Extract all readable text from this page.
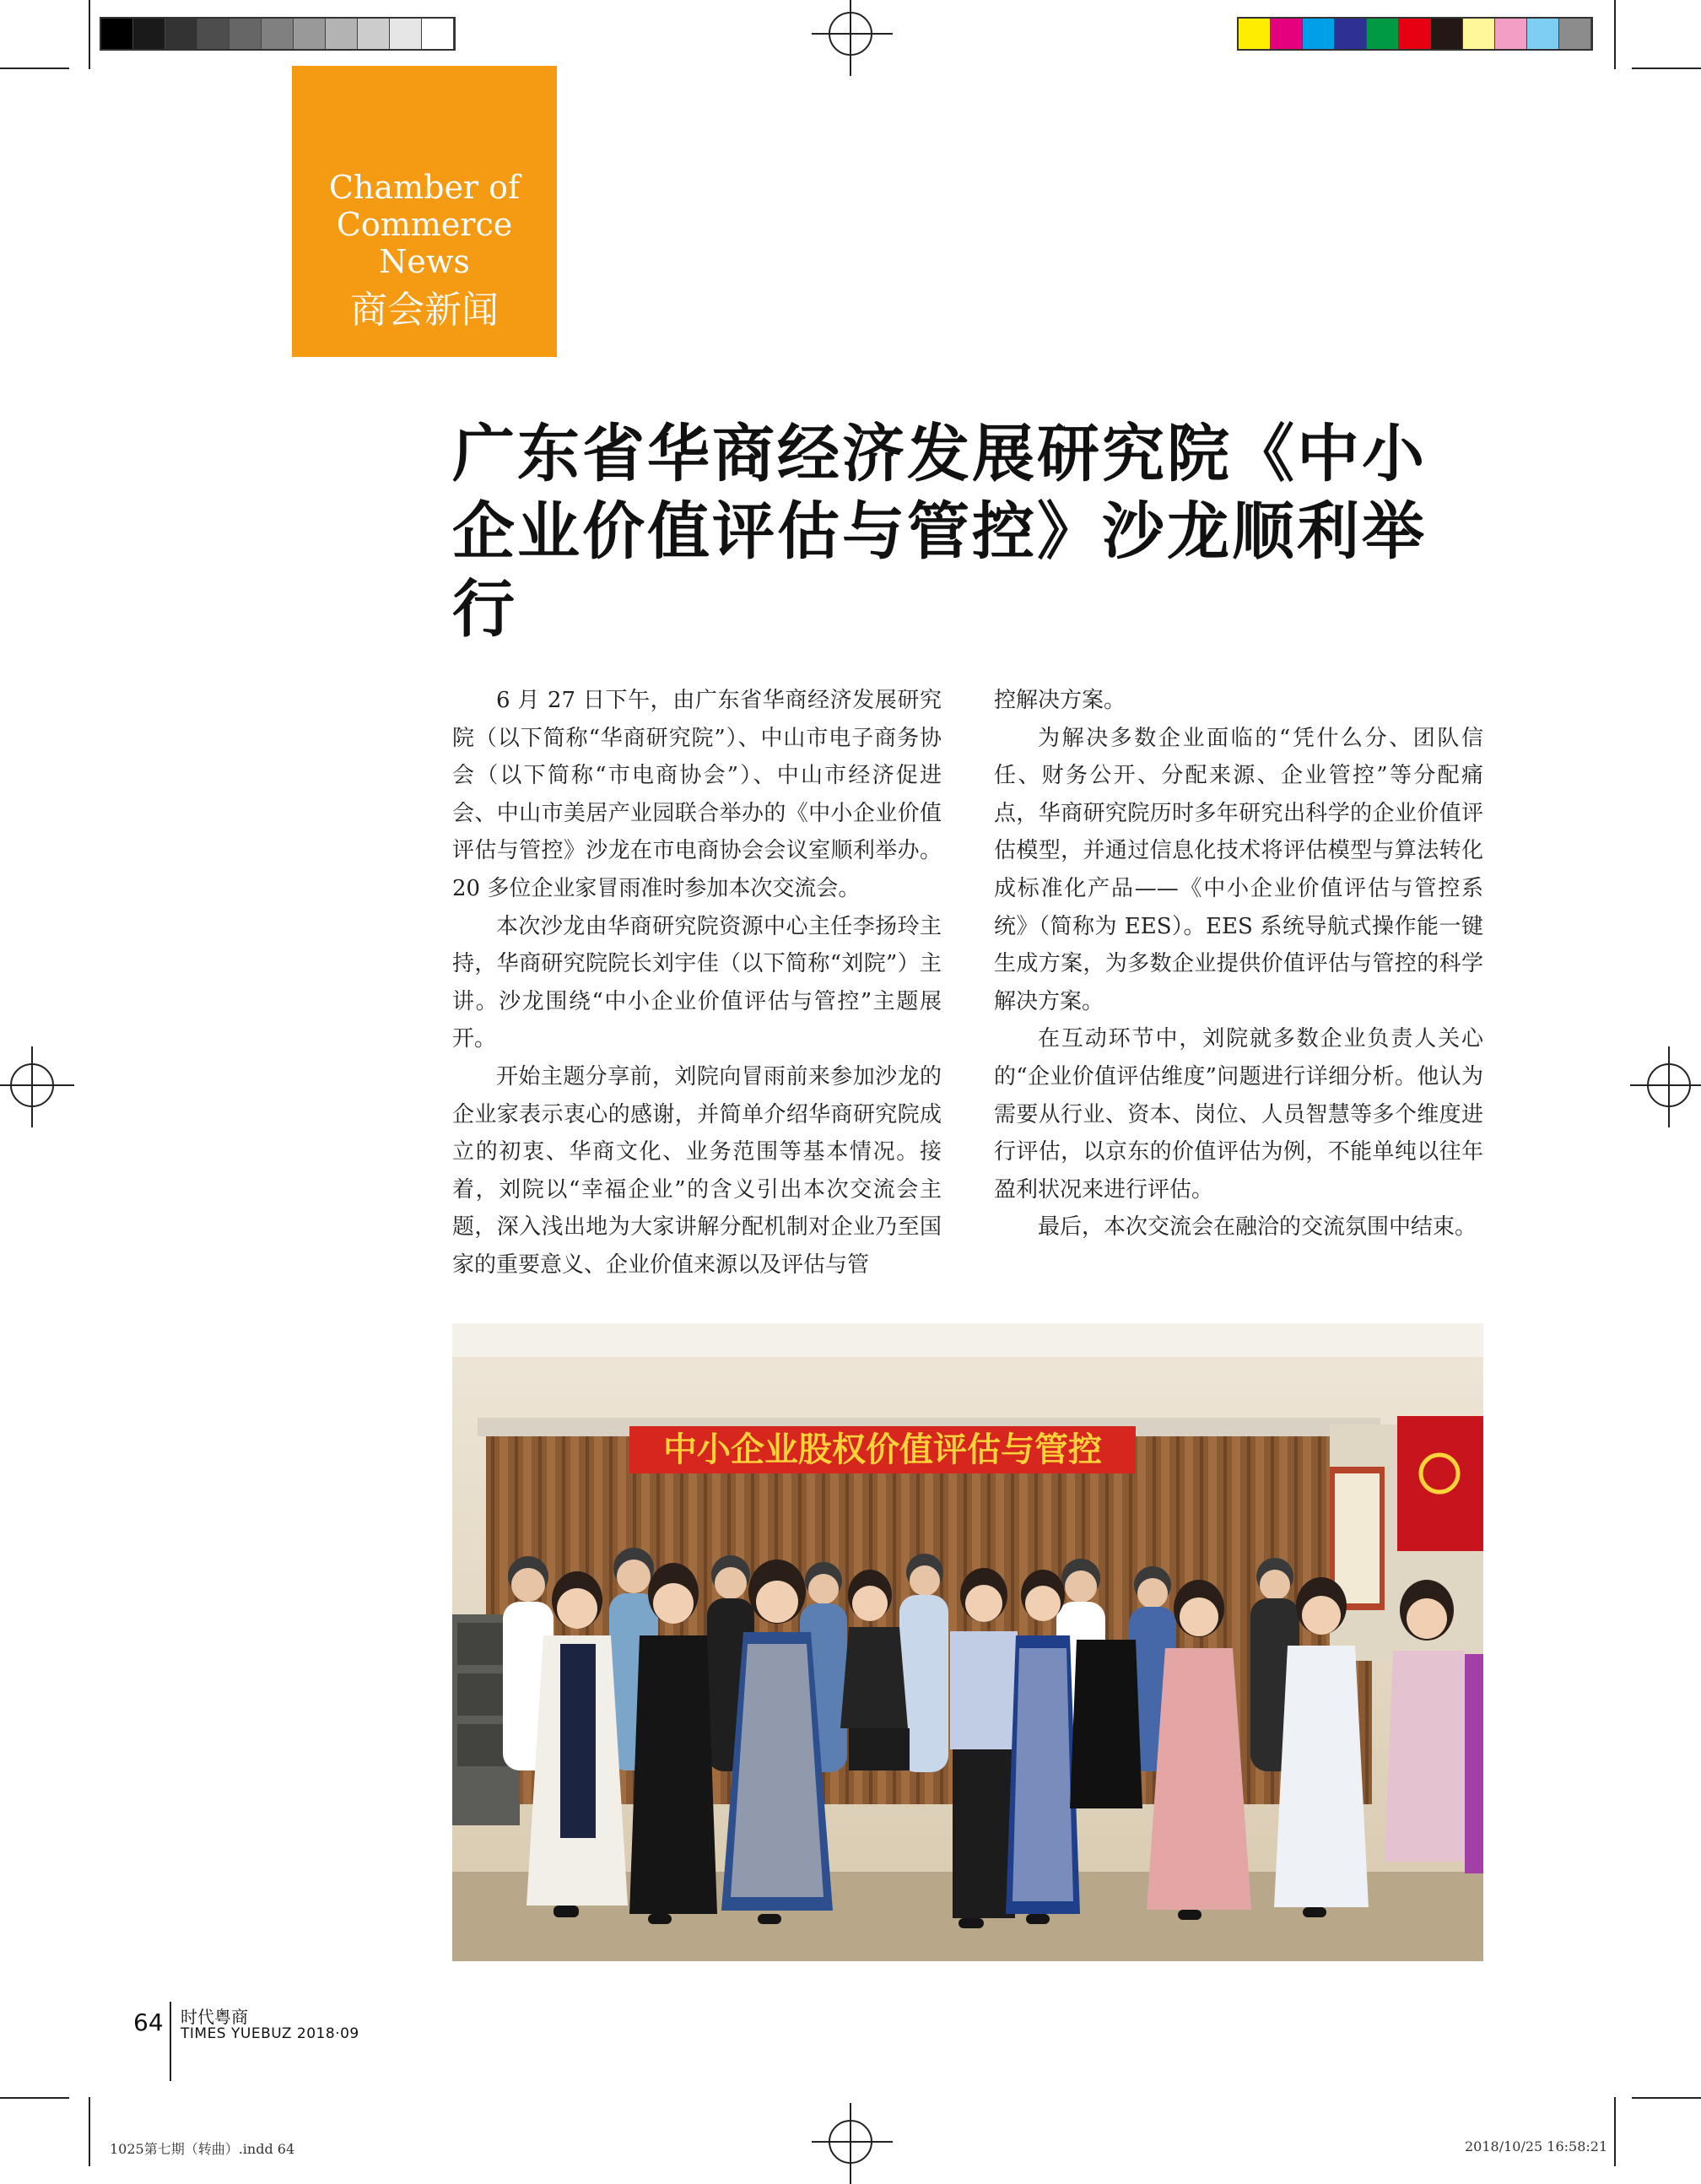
Chamber of
Commerce News
商会新闻
广东省华商经济发展研究院《中小企业价值评估与管控》沙龙顺利举行

6 月 27 日下午，由广东省华商经济发展研究院（以下简称“华商研究院”）、中山市电子商务协会（以下简称“市电商协会”）、中山市经济促进会、中山市美居产业园联合举办的《中小企业价值评估与管控》沙龙在市电商协会会议室顺利举办。20 多位企业家冒雨准时参加本次交流会。

本次沙龙由华商研究院资源中心主任李扬玲主持，华商研究院院长刘宇佳（以下简称“刘院”）主讲。沙龙围绕“中小企业价值评估与管控”主题展开。

开始主题分享前，刘院向冒雨前来参加沙龙的企业家表示衷心的感谢，并简单介绍华商研究院成立的初衷、华商文化、业务范围等基本情况。接着，刘院以“幸福企业”的含义引出本次交流会主题，深入浅出地为大家讲解分配机制对企业乃至国家的重要意义、企业价值来源以及评估与管

控解决方案。

为解决多数企业面临的“凭什么分、团队信任、财务公开、分配来源、企业管控”等分配痛点，华商研究院历时多年研究出科学的企业价值评估模型，并通过信息化技术将评估模型与算法转化成标准化产品——《中小企业价值评估与管控系统》（简称为 EES）。EES 系统导航式操作能一键生成方案，为多数企业提供价值评估与管控的科学解决方案。

在互动环节中，刘院就多数企业负责人关心的“企业价值评估维度”问题进行详细分析。他认为需要从行业、资本、岗位、人员智慧等多个维度进行评估，以京东的价值评估为例，不能单纯以往年盈利状况来进行评估。

最后，本次交流会在融洽的交流氛围中结束。

中小企业股权价值评估与管控
64 时代粤商
TIMES YUEBUZ 2018·09
1025第七期（转曲）.indd 64	2018/10/25 16:58:21
